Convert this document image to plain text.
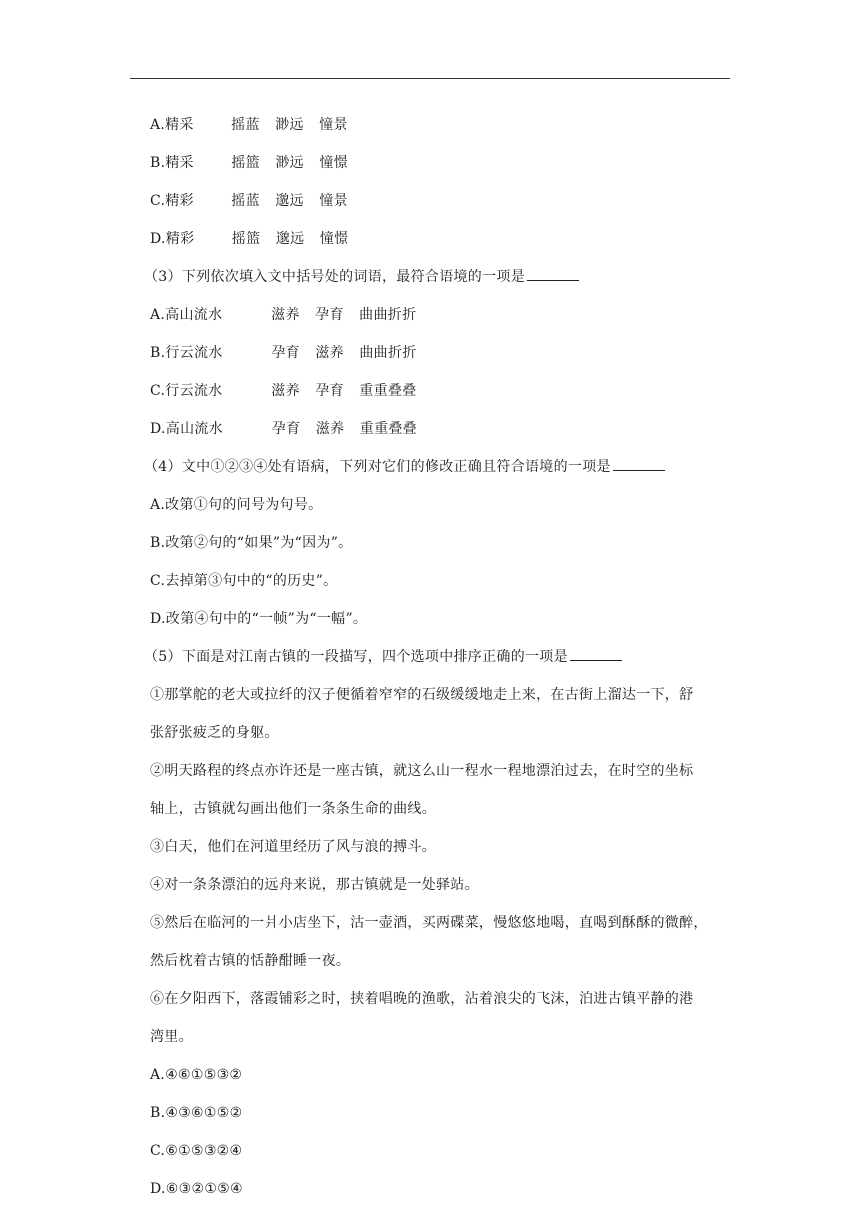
A.精采	摇蓝 渺远 憧景
B.精采	摇篮 渺远 憧憬
C.精彩	摇蓝 邈远 憧景
D.精彩	摇篮 邈远 憧憬
（3）下列依次填入文中括号处的词语，最符合语境的一项是
A.高山流水	滋养 孕育 曲曲折折
B.行云流水	孕育 滋养 曲曲折折
C.行云流水	滋养 孕育 重重叠叠
D.高山流水	孕育 滋养 重重叠叠
（4）文中①②③④处有语病，下列对它们的修改正确且符合语境的一项是
A.改第①句的问号为句号。
B.改第②句的“如果”为“因为”。
C.去掉第③句中的“的历史”。
D.改第④句中的“一帧”为“一幅”。
（5）下面是对江南古镇的一段描写，四个选项中排序正确的一项是
①那掌舵的老大或拉纤的汉子便循着窄窄的石级缓缓地走上来，在古街上溜达一下，舒
张舒张疲乏的身躯。
②明天路程的终点亦许还是一座古镇，就这么山一程水一程地漂泊过去，在时空的坐标
轴上，古镇就勾画出他们一条条生命的曲线。
③白天，他们在河道里经历了风与浪的搏斗。
④对一条条漂泊的远舟来说，那古镇就是一处驿站。
⑤然后在临河的一爿小店坐下，沽一壶酒，买两碟菜，慢悠悠地喝，直喝到酥酥的微醉，
然后枕着古镇的恬静酣睡一夜。
⑥在夕阳西下，落霞铺彩之时，挟着唱晚的渔歌，沾着浪尖的飞沫，泊进古镇平静的港
湾里。
A.④⑥①⑤③②
B.④③⑥①⑤②
C.⑥①⑤③②④
D.⑥③②①⑤④
